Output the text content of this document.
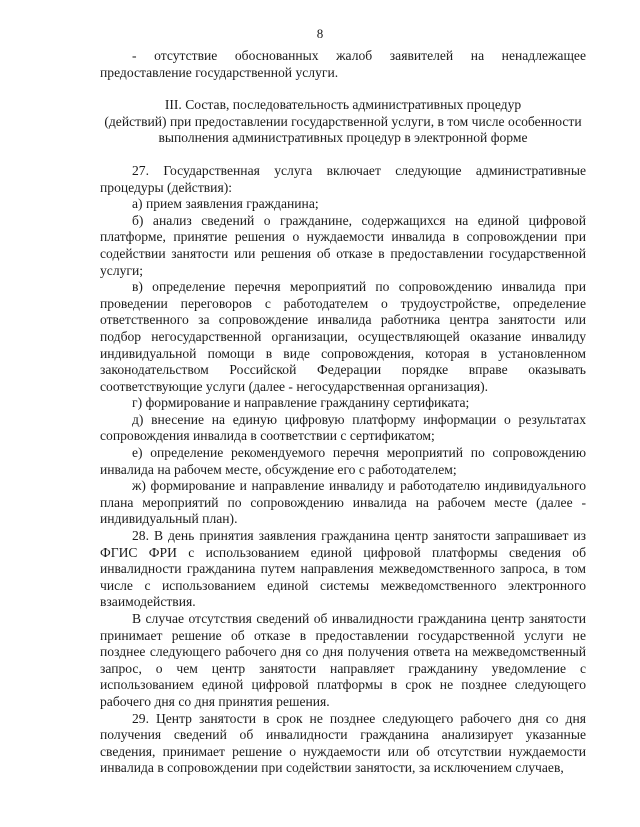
8

- отсутствие обоснованных жалоб заявителей на ненадлежащее предоставление государственной услуги.

III. Состав, последовательность административных процедур
(действий) при предоставлении государственной услуги, в том числе особенности
выполнения административных процедур в электронной форме

27. Государственная услуга включает следующие административные процедуры (действия):

а) прием заявления гражданина;

б) анализ сведений о гражданине, содержащихся на единой цифровой платформе, принятие решения о нуждаемости инвалида в сопровождении при содействии занятости или решения об отказе в предоставлении государственной услуги;

в) определение перечня мероприятий по сопровождению инвалида при проведении переговоров с работодателем о трудоустройстве, определение ответственного за сопровождение инвалида работника центра занятости или подбор негосударственной организации, осуществляющей оказание инвалиду индивидуальной помощи в виде сопровождения, которая в установленном законодательством Российской Федерации порядке вправе оказывать соответствующие услуги (далее - негосударственная организация).

г) формирование и направление гражданину сертификата;

д) внесение на единую цифровую платформу информации о результатах сопровождения инвалида в соответствии с сертификатом;

е) определение рекомендуемого перечня мероприятий по сопровождению инвалида на рабочем месте, обсуждение его с работодателем;

ж) формирование и направление инвалиду и работодателю индивидуального плана мероприятий по сопровождению инвалида на рабочем месте (далее - индивидуальный план).

28. В день принятия заявления гражданина центр занятости запрашивает из ФГИС ФРИ с использованием единой цифровой платформы сведения об инвалидности гражданина путем направления межведомственного запроса, в том числе с использованием единой системы межведомственного электронного взаимодействия.

В случае отсутствия сведений об инвалидности гражданина центр занятости принимает решение об отказе в предоставлении государственной услуги не позднее следующего рабочего дня со дня получения ответа на межведомственный запрос, о чем центр занятости направляет гражданину уведомление с использованием единой цифровой платформы в срок не позднее следующего рабочего дня со дня принятия решения.

29. Центр занятости в срок не позднее следующего рабочего дня со дня получения сведений об инвалидности гражданина анализирует указанные сведения, принимает решение о нуждаемости или об отсутствии нуждаемости инвалида в сопровождении при содействии занятости, за исключением случаев,
